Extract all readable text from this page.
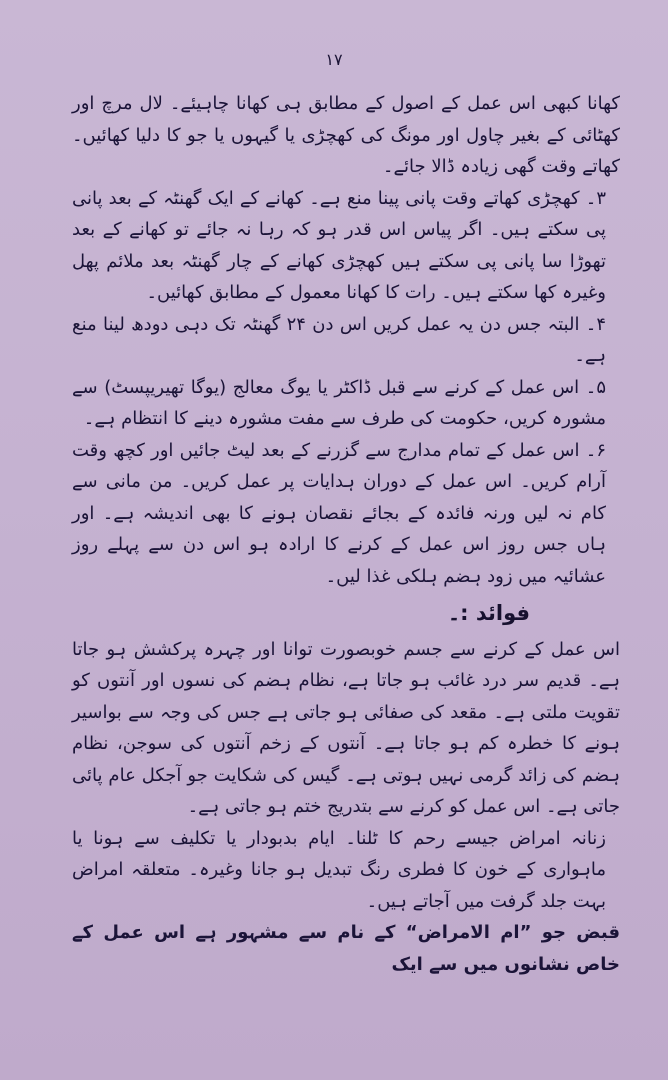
۱۷

کھانا کبھی اس عمل کے اصول کے مطابق ہی کھانا چاہیئے۔ لال مرچ اور کھٹائی کے بغیر چاول اور مونگ کی کھچڑی یا گیہوں یا جو کا دلیا کھائیں۔ کھاتے وقت گھی زیادہ ڈالا جائے۔

۳۔ کھچڑی کھاتے وقت پانی پینا منع ہے۔ کھانے کے ایک گھنٹہ کے بعد پانی پی سکتے ہیں۔ اگر پیاس اس قدر ہو کہ رہا نہ جائے تو کھانے کے بعد تھوڑا سا پانی پی سکتے ہیں کھچڑی کھانے کے چار گھنٹہ بعد ملائم پھل وغیرہ کھا سکتے ہیں۔ رات کا کھانا معمول کے مطابق کھائیں۔

۴۔ البتہ جس دن یہ عمل کریں اس دن ۲۴ گھنٹہ تک دہی دودھ لینا منع ہے۔

۵۔ اس عمل کے کرنے سے قبل ڈاکٹر یا یوگ معالج (یوگا تھیریپسٹ) سے مشورہ کریں، حکومت کی طرف سے مفت مشورہ دینے کا انتظام ہے۔

۶۔ اس عمل کے تمام مدارج سے گزرنے کے بعد لیٹ جائیں اور کچھ وقت آرام کریں۔ اس عمل کے دوران ہدایات پر عمل کریں۔ من مانی سے کام نہ لیں ورنہ فائدہ کے بجائے نقصان ہونے کا بھی اندیشہ ہے۔ اور ہاں جس روز اس عمل کے کرنے کا ارادہ ہو اس دن سے پہلے روز عشائیہ میں زود ہضم ہلکی غذا لیں۔

فوائد :۔

اس عمل کے کرنے سے جسم خوبصورت توانا اور چہرہ پرکشش ہو جاتا ہے۔ قدیم سر درد غائب ہو جاتا ہے، نظام ہضم کی نسوں اور آنتوں کو تقویت ملتی ہے۔ مقعد کی صفائی ہو جاتی ہے جس کی وجہ سے بواسیر ہونے کا خطرہ کم ہو جاتا ہے۔ آنتوں کے زخم آنتوں کی سوجن، نظام ہضم کی زائد گرمی نہیں ہوتی ہے۔ گیس کی شکایت جو آجکل عام پائی جاتی ہے۔ اس عمل کو کرنے سے بتدریج ختم ہو جاتی ہے۔

زنانہ امراض جیسے رحم کا ٹلنا۔ ایام بدبودار یا تکلیف سے ہونا یا ماہواری کے خون کا فطری رنگ تبدیل ہو جانا وغیرہ۔ متعلقہ امراض بہت جلد گرفت میں آجاتے ہیں۔

قبض جو ”ام الامراض“ کے نام سے مشہور ہے اس عمل کے خاص نشانوں میں سے ایک
